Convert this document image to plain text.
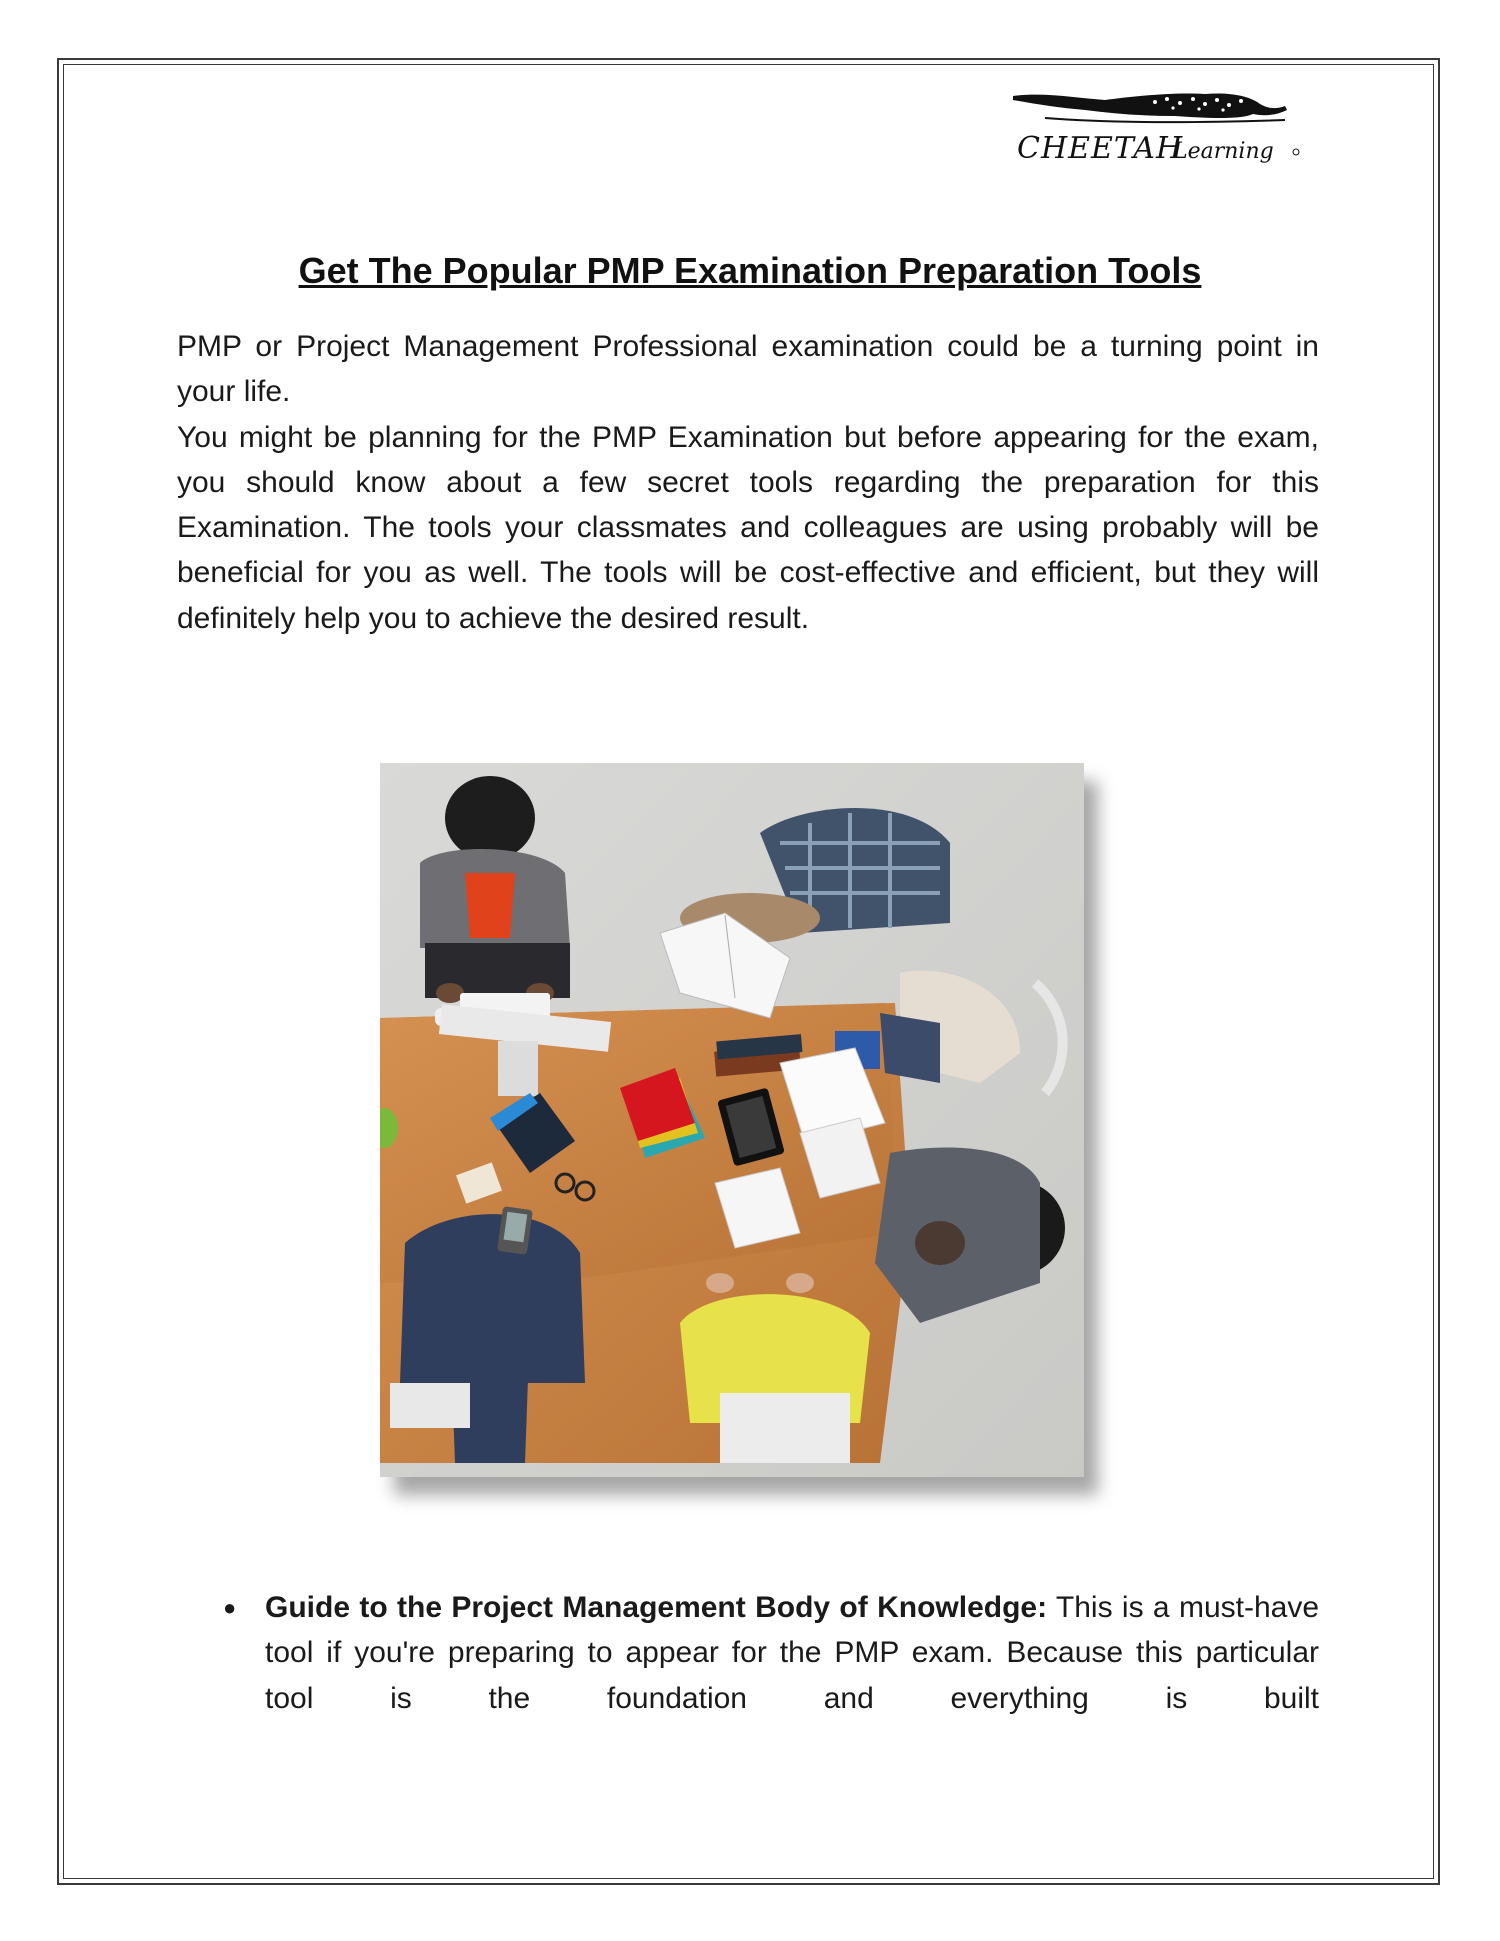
CHEETAH
Learning
Get The Popular PMP Examination Preparation Tools

PMP or Project Management Professional examination could be a turning point in your life.

You might be planning for the PMP Examination but before appearing for the exam, you should know about a few secret tools regarding the preparation for this Examination. The tools your classmates and colleagues are using probably will be beneficial for you as well. The tools will be cost-effective and efficient, but they will definitely help you to achieve the desired result.

● Guide to the Project Management Body of Knowledge: This is a must-have tool if you're preparing to appear for the PMP exam. Because this particular tool is the foundation and everything is built
